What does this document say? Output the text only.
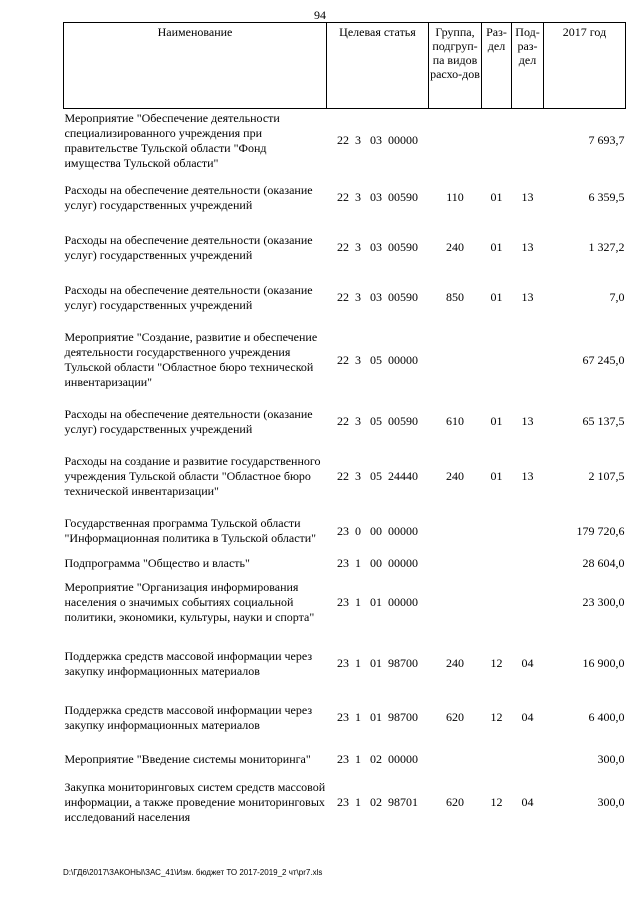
94
Наименование	Целевая статья	Группа, подгруп-па видов расхо-дов	Раз-дел	Под-раз-дел	2017 год
Мероприятие "Обеспечение деятельности специализированного учреждения при правительстве Тульской области "Фонд имущества Тульской области"	22  3   03  00000				7 693,7
Расходы на обеспечение деятельности (оказание услуг) государственных учреждений	22  3   03  00590	110	01	13	6 359,5
Расходы на обеспечение деятельности (оказание услуг) государственных учреждений	22  3   03  00590	240	01	13	1 327,2
Расходы на обеспечение деятельности (оказание услуг) государственных учреждений	22  3   03  00590	850	01	13	7,0
Мероприятие "Создание, развитие и обеспечение деятельности государственного учреждения Тульской области "Областное бюро технической инвентаризации"	22  3   05  00000				67 245,0
Расходы на обеспечение деятельности (оказание услуг) государственных учреждений	22  3   05  00590	610	01	13	65 137,5
Расходы на создание и развитие государственного учреждения Тульской области "Областное бюро технической инвентаризации"	22  3   05  24440	240	01	13	2 107,5
Государственная программа Тульской области "Информационная политика в Тульской области"	23  0   00  00000				179 720,6
Подпрограмма "Общество и власть"	23  1   00  00000				28 604,0
Мероприятие "Организация информирования населения о значимых событиях социальной политики, экономики, культуры, науки и спорта"	23  1   01  00000				23 300,0
Поддержка средств массовой информации через закупку информационных материалов	23  1   01  98700	240	12	04	16 900,0
Поддержка средств массовой информации через закупку информационных материалов	23  1   01  98700	620	12	04	6 400,0
Мероприятие "Введение системы мониторинга"	23  1   02  00000				300,0
Закупка мониторинговых систем средств массовой информации, а также проведение мониторинговых исследований населения	23  1   02  98701	620	12	04	300,0
D:\ГД6\2017\ЗАКОНЫ\ЗАС_41\Изм. бюджет ТО 2017-2019_2 чт\pr7.xls
